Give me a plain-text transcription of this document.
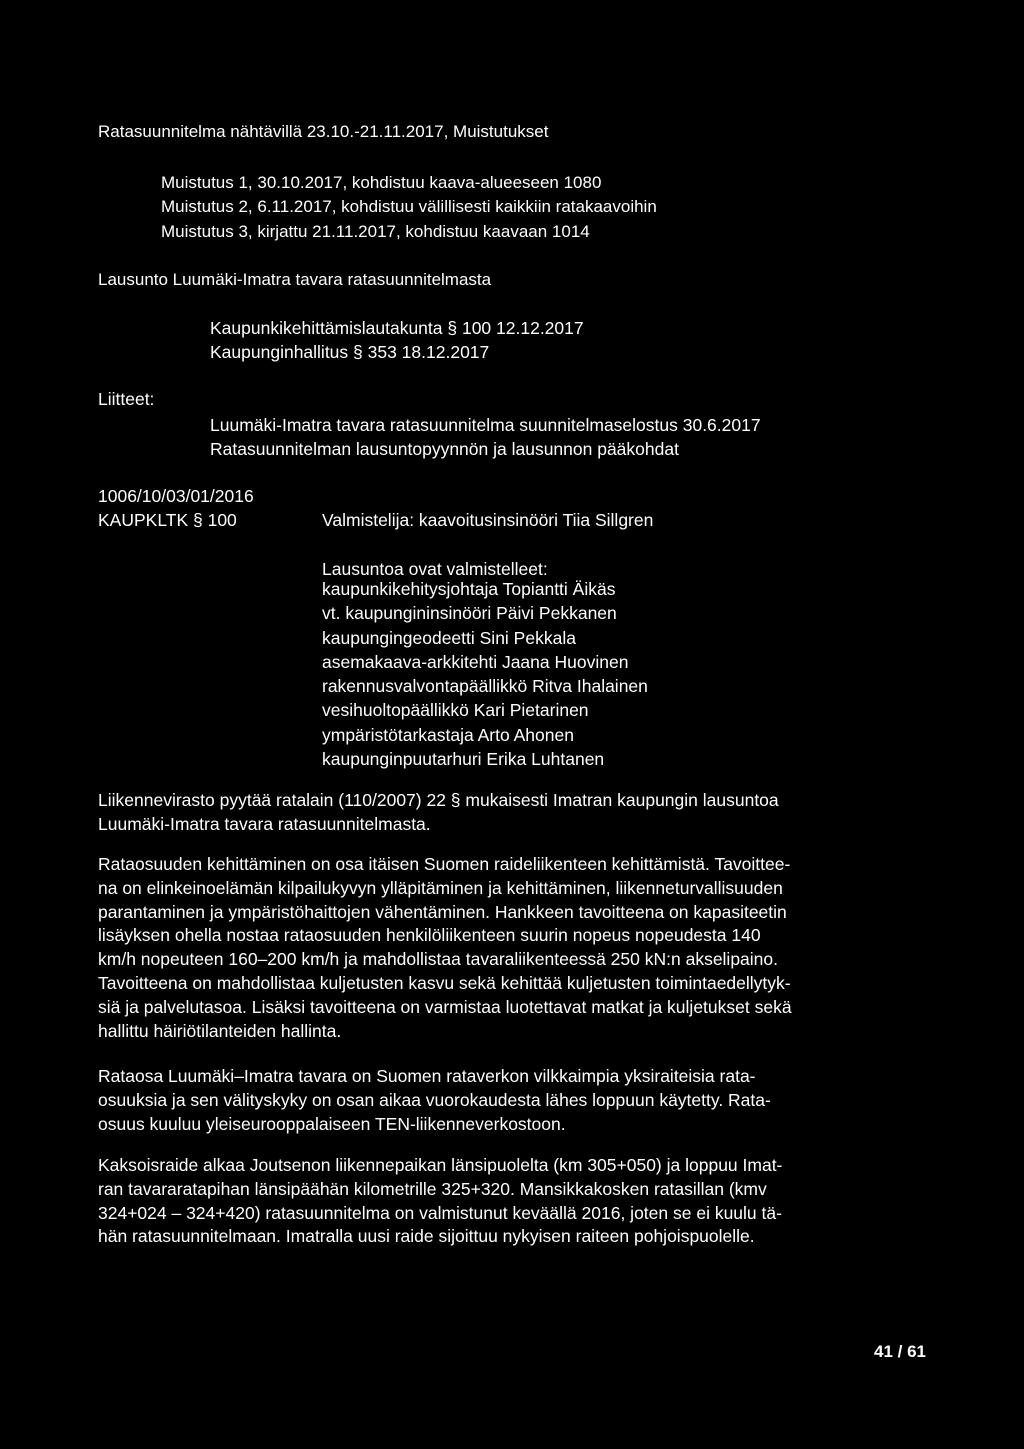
Ratasuunnitelma nähtävillä 23.10.-21.11.2017, Muistutukset
Muistutus 1, 30.10.2017, kohdistuu kaava-alueeseen 1080
Muistutus 2, 6.11.2017, kohdistuu välillisesti kaikkiin ratakaavoihin
Muistutus 3, kirjattu 21.11.2017, kohdistuu kaavaan 1014
Lausunto Luumäki-Imatra tavara ratasuunnitelmasta
Kaupunkikehittämislautakunta § 100 12.12.2017
Kaupunginhallitus § 353 18.12.2017
Liitteet:
Luumäki-Imatra tavara ratasuunnitelma suunnitelmaselostus 30.6.2017
Ratasuunnitelman lausuntopyynnön ja lausunnon pääkohdat
1006/10/03/01/2016
KAUPKLTK § 100	Valmistelija: kaavoitusinsinööri Tiia Sillgren
Lausuntoa ovat valmistelleet:
kaupunkikehitysjohtaja Topiantti Äikäs
vt. kaupungininsinööri Päivi Pekkanen
kaupungingeodeetti Sini Pekkala
asemakaava-arkkitehti Jaana Huovinen
rakennusvalvontapäällikkö Ritva Ihalainen
vesihuoltopäällikkö Kari Pietarinen
ympäristötarkastaja Arto Ahonen
kaupunginpuutarhuri Erika Luhtanen
Liikennevirasto pyytää ratalain (110/2007) 22 § mukaisesti Imatran kaupungin lausuntoa
Luumäki-Imatra tavara ratasuunnitelmasta.
Rataosuuden kehittäminen on osa itäisen Suomen raideliikenteen kehittämistä. Tavoittee-
na on elinkeinoelämän kilpailukyvyn ylläpitäminen ja kehittäminen, liikenneturvallisuuden
parantaminen ja ympäristöhaittojen vähentäminen. Hankkeen tavoitteena on kapasiteetin
lisäyksen ohella nostaa rataosuuden henkilöliikenteen suurin nopeus nopeudesta 140
km/h nopeuteen 160–200 km/h ja mahdollistaa tavaraliikenteessä 250 kN:n akselipaino.
Tavoitteena on mahdollistaa kuljetusten kasvu sekä kehittää kuljetusten toimintaedellytyk-
siä ja palvelutasoa. Lisäksi tavoitteena on varmistaa luotettavat matkat ja kuljetukset sekä
hallittu häiriötilanteiden hallinta.
Rataosa Luumäki–Imatra tavara on Suomen rataverkon vilkkaimpia yksiraiteisia rata-
osuuksia ja sen välityskyky on osan aikaa vuorokaudesta lähes loppuun käytetty. Rata-
osuus kuuluu yleiseurooppalaiseen TEN-liikenneverkostoon.
Kaksoisraide alkaa Joutsenon liikennepaikan länsipuolelta (km 305+050) ja loppuu Imat-
ran tavararatapihan länsipäähän kilometrille 325+320. Mansikkakosken ratasillan (kmv
324+024 – 324+420) ratasuunnitelma on valmistunut keväällä 2016, joten se ei kuulu tä-
hän ratasuunnitelmaan. Imatralla uusi raide sijoittuu nykyisen raiteen pohjoispuolelle.
41 / 61
